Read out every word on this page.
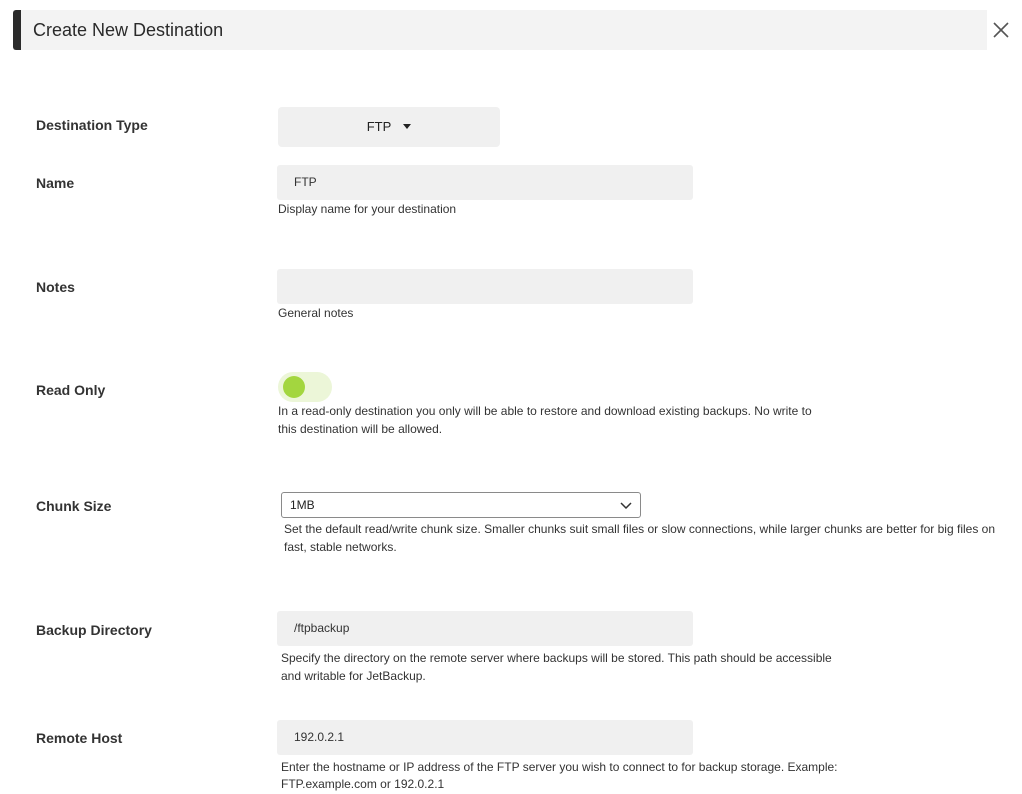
Create New Destination
Destination Type	FTP
Name	FTP
Display name for your destination
Notes
General notes
Read Only
In a read-only destination you only will be able to restore and download existing backups. No write to
this destination will be allowed.
Chunk Size	1MB
Set the default read/write chunk size. Smaller chunks suit small files or slow connections, while larger chunks are better for big files on
fast, stable networks.
Backup Directory	/ftpbackup
Specify the directory on the remote server where backups will be stored. This path should be accessible
and writable for JetBackup.
Remote Host	192.0.2.1
Enter the hostname or IP address of the FTP server you wish to connect to for backup storage. Example:
FTP.example.com or 192.0.2.1
